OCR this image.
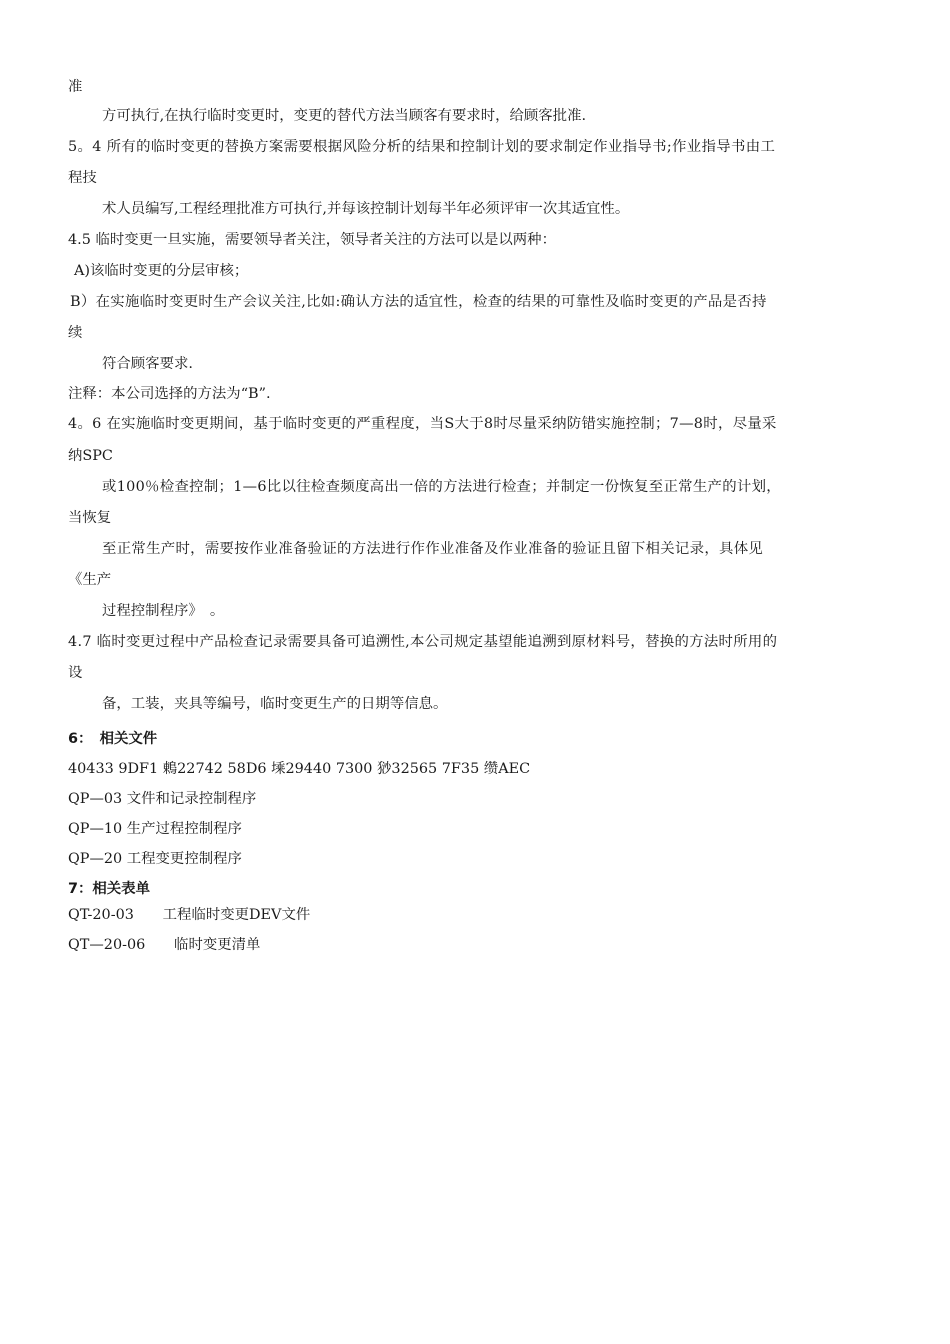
准
方可执行,在执行临时变更时，变更的替代方法当顾客有要求时，给顾客批准.
5。4 所有的临时变更的替换方案需要根据风险分析的结果和控制计划的要求制定作业指导书;作业指导书由工
程技
术人员编写,工程经理批准方可执行,并每该控制计划每半年必须评审一次其适宜性。
4.5 临时变更一旦实施，需要领导者关注，领导者关注的方法可以是以两种：
A)该临时变更的分层审核；
B）在实施临时变更时生产会议关注,比如:确认方法的适宜性，检查的结果的可靠性及临时变更的产品是否持
续
符合顾客要求.
注释：本公司选择的方法为“B”.
4。6 在实施临时变更期间，基于临时变更的严重程度，当S大于8时尽量采纳防错实施控制；7—8时，尽量采
纳SPC
或100％检查控制；1—6比以往检查频度高出一倍的方法进行检查；并制定一份恢复至正常生产的计划，
当恢复
至正常生产时，需要按作业准备验证的方法进行作作业准备及作业准备的验证且留下相关记录，具体见
《生产
过程控制程序》　。
4.7 临时变更过程中产品检查记录需要具备可追溯性,本公司规定基望能追溯到原材料号，替换的方法时所用的
设
备，工装，夹具等编号，临时变更生产的日期等信息。
6：　相关文件
40433 9DF1 鶇22742 58D6 塖29440 7300 猀32565 7F35 缵AEC
QP—03 文件和记录控制程序
QP—10 生产过程控制程序
QP—20 工程变更控制程序
7：相关表单
QT-20-03　　工程临时变更DEV文件
QT—20-06　　临时变更清单
